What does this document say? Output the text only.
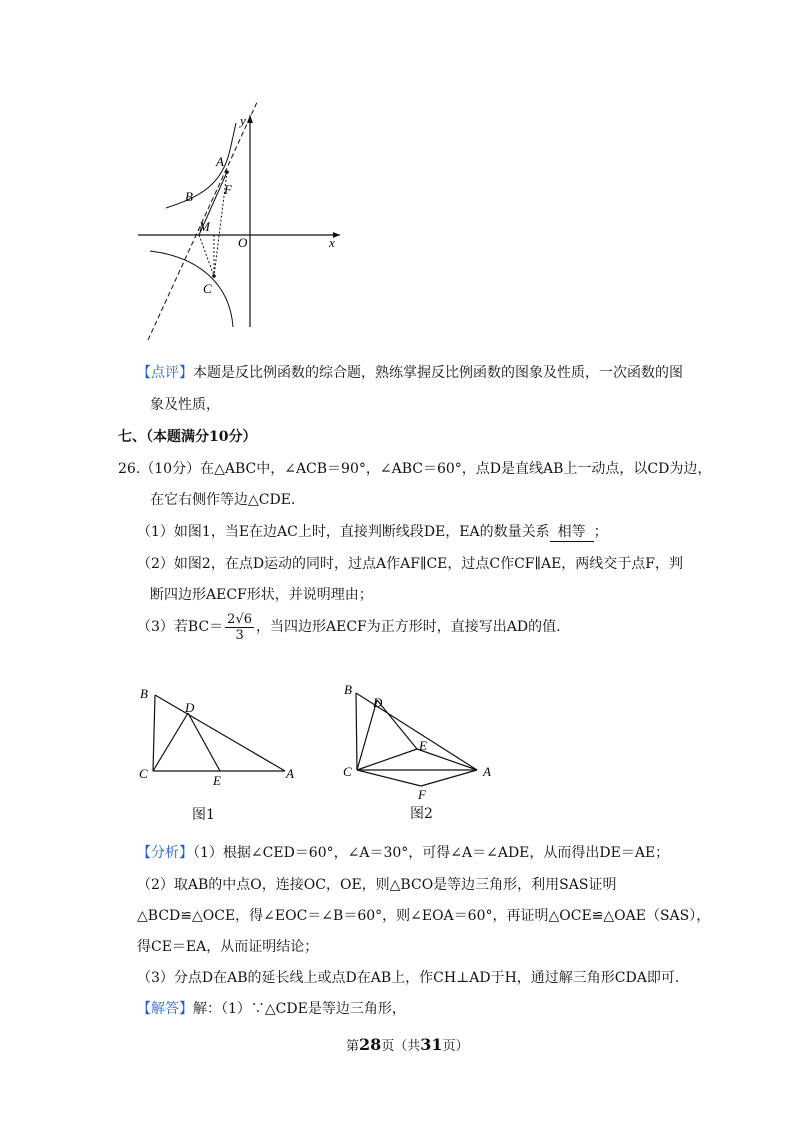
y
x
A
B F
M
O
C
【点评】本题是反比例函数的综合题，熟练掌握反比例函数的图象及性质，一次函数的图
象及性质，
七、（本题满分10分）
26.（10分）在△ABC中，∠ACB＝90°，∠ABC＝60°，点D是直线AB上一动点，以CD为边，
在它右侧作等边△CDE.
（1）如图1，当E在边AC上时，直接判断线段DE，EA的数量关系 相等 ；
（2）如图2，在点D运动的同时，过点A作AF∥CE，过点C作CF∥AE，两线交于点F，判
断四边形AECF形状，并说明理由；
（3）若$BC= \frac{2√6}{3}$ ，当四边形AECF为正方形时，直接写出AD的值.
B
D
C	E	A
图1
B
D
E
C	A
F
图2
【分析】（1）根据∠CED＝60°，∠A＝30°，可得∠A＝∠ADE，从而得出DE＝AE；
（2）取AB的中点O，连接OC，OE，则△BCO是等边三角形，利用SAS证明
△BCD≌△OCE，得∠EOC＝∠B＝60°，则∠EOA＝60°，再证明△OCE≌△OAE（SAS），
得CE＝EA，从而证明结论；
（3）分点D在AB的延长线上或点D在AB上，作CH⊥AD于H，通过解三角形CDA即可.
【解答】解：（1）∵△CDE是等边三角形，
第28页（共31页）
